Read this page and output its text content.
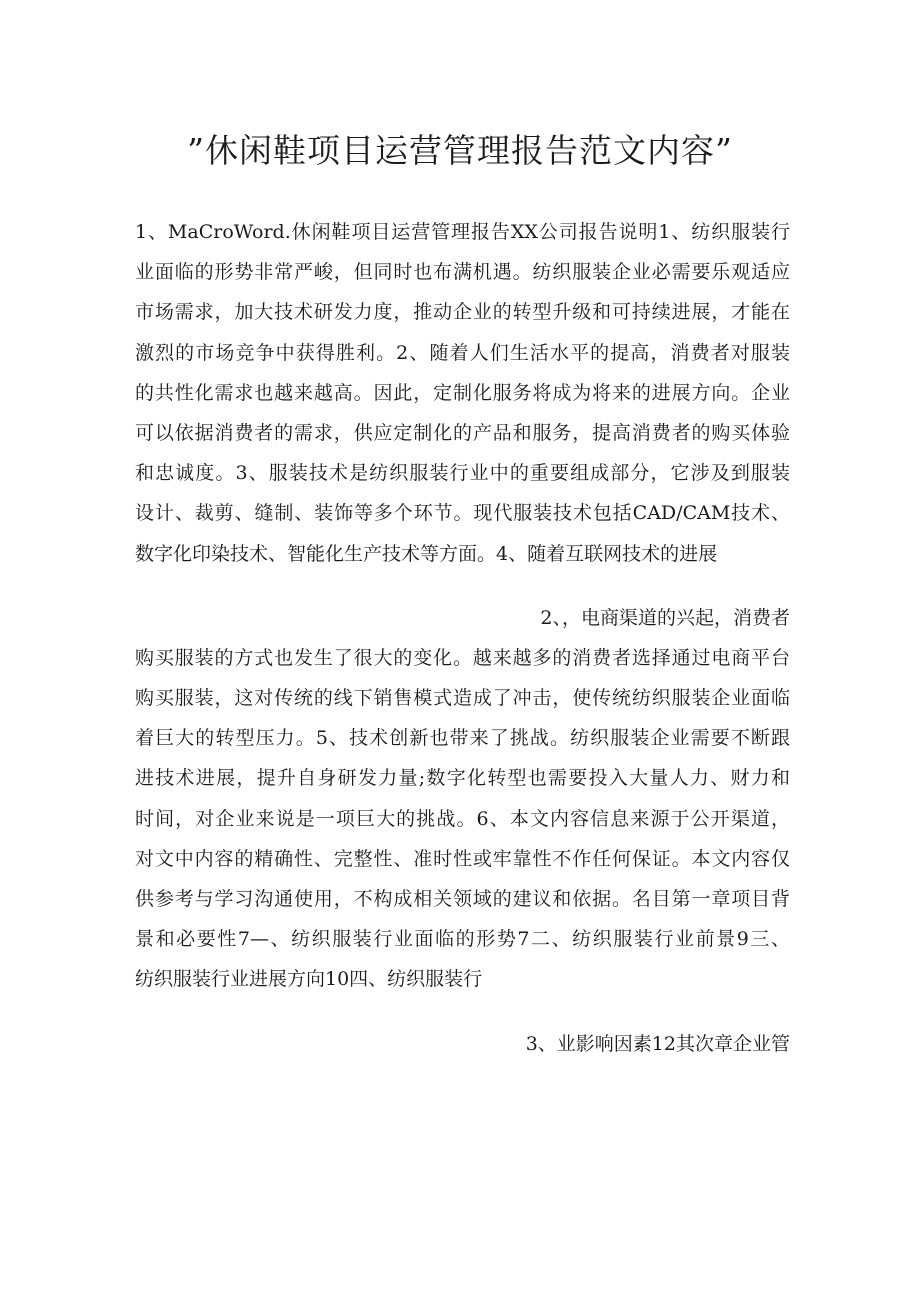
”休闲鞋项目运营管理报告范文内容”
1、MaCroWord.休闲鞋项目运营管理报告XX公司报告说明1、纺织服装行
业面临的形势非常严峻，但同时也布满机遇。纺织服装企业必需要乐观适应
市场需求，加大技术研发力度，推动企业的转型升级和可持续进展，才能在
激烈的市场竞争中获得胜利。2、随着人们生活水平的提高，消费者对服装
的共性化需求也越来越高。因此，定制化服务将成为将来的进展方向。企业
可以依据消费者的需求，供应定制化的产品和服务，提高消费者的购买体验
和忠诚度。3、服装技术是纺织服装行业中的重要组成部分，它涉及到服装
设计、裁剪、缝制、装饰等多个环节。现代服装技术包括CAD/CAM技术、
数字化印染技术、智能化生产技术等方面。4、随着互联网技术的进展
2、，电商渠道的兴起，消费者
购买服装的方式也发生了很大的变化。越来越多的消费者选择通过电商平台
购买服装，这对传统的线下销售模式造成了冲击，使传统纺织服装企业面临
着巨大的转型压力。5、技术创新也带来了挑战。纺织服装企业需要不断跟
进技术进展，提升自身研发力量;数字化转型也需要投入大量人力、财力和
时间，对企业来说是一项巨大的挑战。6、本文内容信息来源于公开渠道，
对文中内容的精确性、完整性、准时性或牢靠性不作任何保证。本文内容仅
供参考与学习沟通使用，不构成相关领域的建议和依据。名目第一章项目背
景和必要性7—、纺织服装行业面临的形势7二、纺织服装行业前景9三、
纺织服装行业进展方向10四、纺织服装行
3、业影响因素12其次章企业管
